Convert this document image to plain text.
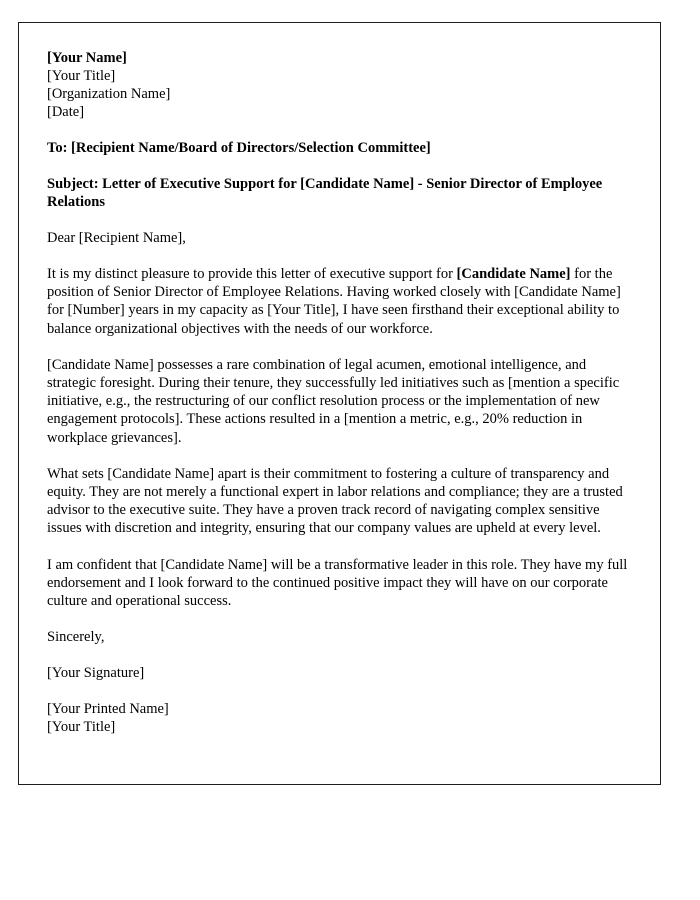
[Your Name]
[Your Title]
[Organization Name]
[Date]
To: [Recipient Name/Board of Directors/Selection Committee]
Subject: Letter of Executive Support for [Candidate Name] - Senior Director of Employee Relations
Dear [Recipient Name],

It is my distinct pleasure to provide this letter of executive support for [Candidate Name] for the position of Senior Director of Employee Relations. Having worked closely with [Candidate Name] for [Number] years in my capacity as [Your Title], I have seen firsthand their exceptional ability to balance organizational objectives with the needs of our workforce.

[Candidate Name] possesses a rare combination of legal acumen, emotional intelligence, and strategic foresight. During their tenure, they successfully led initiatives such as [mention a specific initiative, e.g., the restructuring of our conflict resolution process or the implementation of new engagement protocols]. These actions resulted in a [mention a metric, e.g., 20% reduction in workplace grievances].

What sets [Candidate Name] apart is their commitment to fostering a culture of transparency and equity. They are not merely a functional expert in labor relations and compliance; they are a trusted advisor to the executive suite. They have a proven track record of navigating complex sensitive issues with discretion and integrity, ensuring that our company values are upheld at every level.

I am confident that [Candidate Name] will be a transformative leader in this role. They have my full endorsement and I look forward to the continued positive impact they will have on our corporate culture and operational success.

Sincerely,
[Your Signature]
[Your Printed Name]
[Your Title]
